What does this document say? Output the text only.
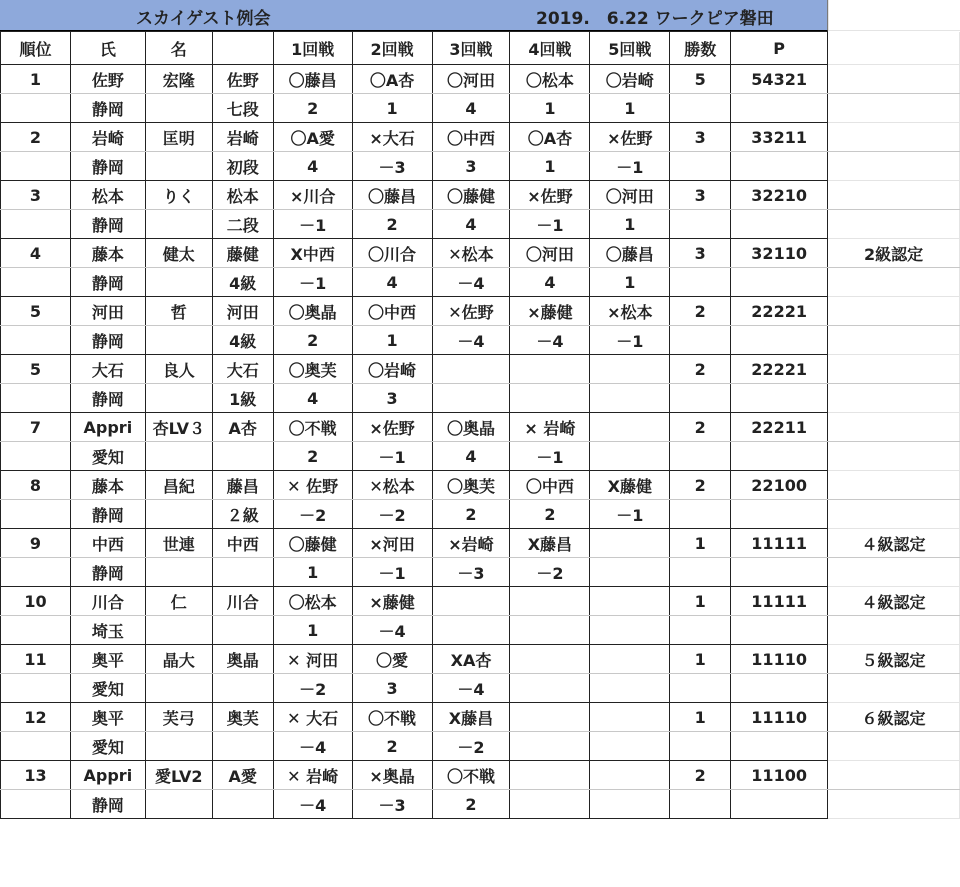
スカイゲスト例会	2019.　6.22 ワークピア磐田
順位	氏	名		1回戦	2回戦	3回戦	4回戦	5回戦	勝数	P	
1	佐野	宏隆	佐野	〇藤昌	〇A杏	〇河田	〇松本	〇岩崎	5	54321	
	静岡		七段	2	1	4	1	1			
2	岩崎	匡明	岩崎	〇A愛	×大石	〇中西	〇A杏	×佐野	3	33211	
	静岡		初段	4	－3	3	1	－1			
3	松本	りく	松本	×川合	〇藤昌	〇藤健	×佐野	〇河田	3	32210	
	静岡		二段	－1	2	4	－1	1			
4	藤本	健太	藤健	X中西	〇川合	✕松本	〇河田	〇藤昌	3	32110	2級認定
	静岡		4級	－1	4	－4	4	1			
5	河田	哲	河田	〇奥晶	〇中西	✕佐野	×藤健	×松本	2	22221	
	静岡		4級	2	1	－4	－4	－1			
5	大石	良人	大石	〇奥芙	〇岩崎				2	22221	
	静岡		1級	4	3						
7	Appri	杏LV３	A杏	〇不戦	×佐野	〇奥晶	× 岩崎		2	22211	
	愛知			2	－1	4	－1				
8	藤本	昌紀	藤昌	✕ 佐野	✕松本	〇奥芙	〇中西	X藤健	2	22100	
	静岡		２級	－2	－2	2	2	－1			
9	中西	世連	中西	〇藤健	×河田	×岩崎	X藤昌		1	11111	４級認定
	静岡			1	－1	－3	－2				
10	川合	仁	川合	〇松本	×藤健				1	11111	４級認定
	埼玉			1	－4						
11	奥平	晶大	奥晶	✕ 河田	〇愛	XA杏			1	11110	５級認定
	愛知			－2	3	－4					
12	奥平	芙弓	奥芙	✕ 大石	〇不戦	X藤昌			1	11110	６級認定
	愛知			－4	2	－2					
13	Appri	愛LV2	A愛	✕ 岩崎	×奥晶	〇不戦			2	11100	
	静岡			－4	－3	2					
